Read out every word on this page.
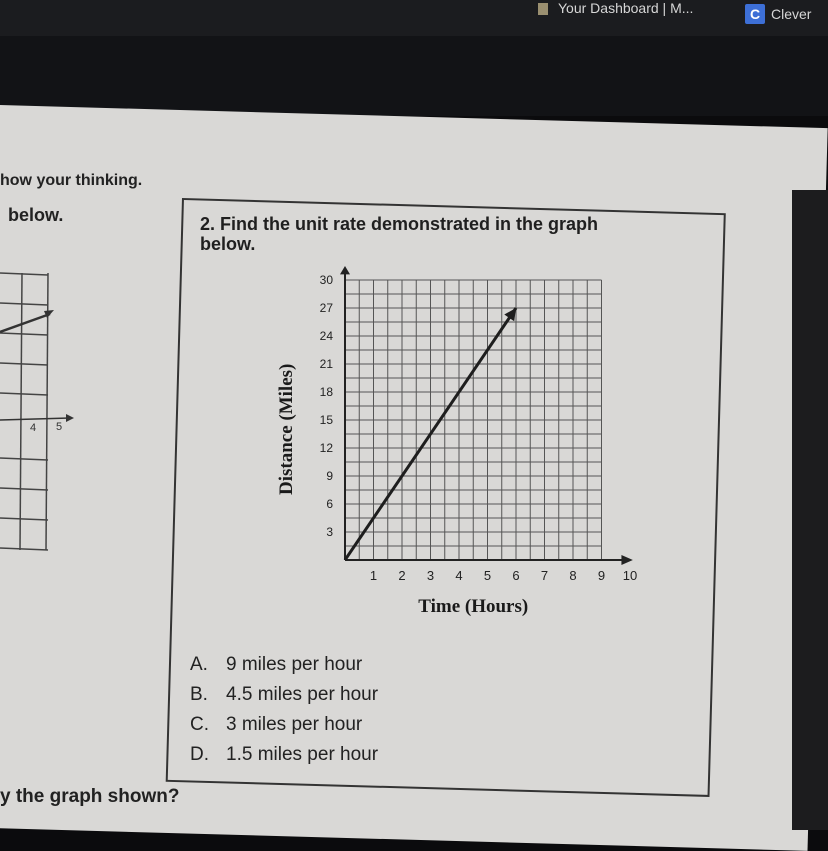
Your Dashboard | M...	C Clever
how your thinking.
below.
4 5
2. Find the unit rate demonstrated in the graph
below.
1 2 3 4 5 6 7 8 9 10
3
6
9
12
15
18
21
24
27
30
Time (Hours)
Distance (Miles)
A. 9 miles per hour
B. 4.5 miles per hour
C. 3 miles per hour
D. 1.5 miles per hour
y the graph shown?
